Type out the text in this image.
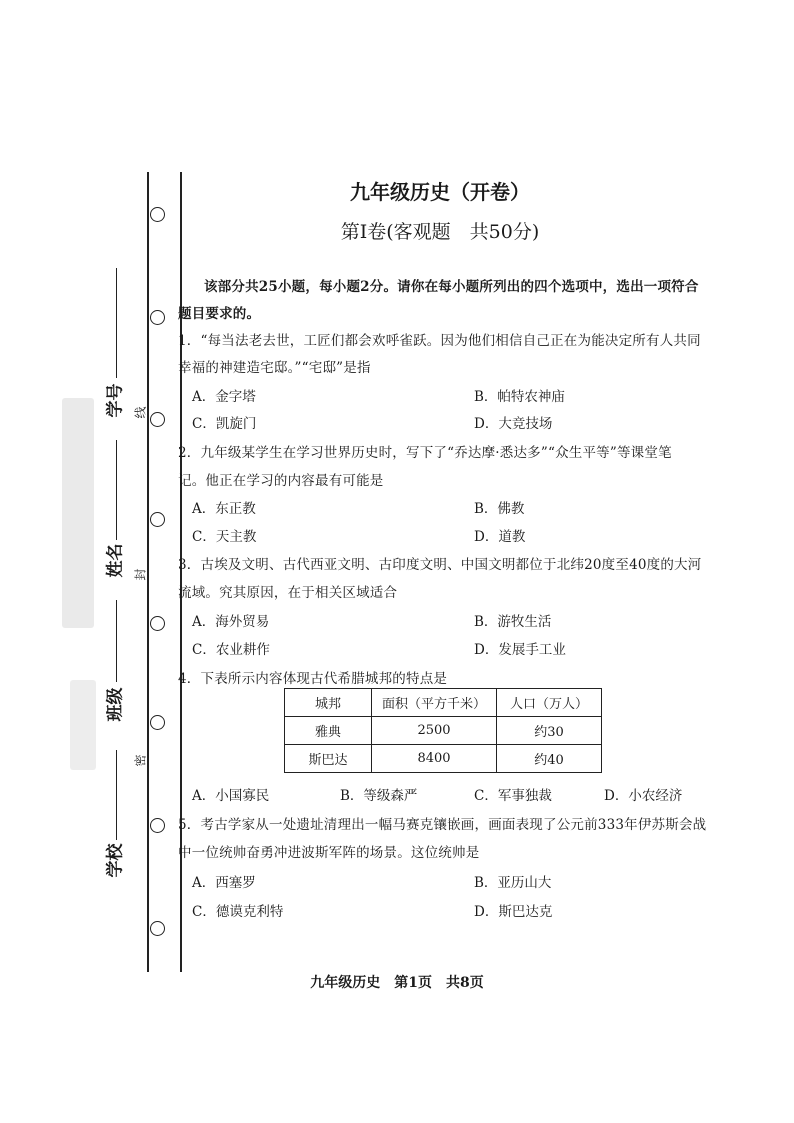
学号
姓名
班级
学校
线
封
密
九年级历史（开卷）
第Ⅰ卷(客观题　共50分)
该部分共25小题，每小题2分。请你在每小题所列出的四个选项中，选出一项符合
题目要求的。
1．“每当法老去世，工匠们都会欢呼雀跃。因为他们相信自己正在为能决定所有人共同
幸福的神建造宅邸。”“宅邸”是指
A．金字塔	B．帕特农神庙
C．凯旋门	D．大竞技场
2．九年级某学生在学习世界历史时，写下了“乔达摩·悉达多”“众生平等”等课堂笔
记。他正在学习的内容最有可能是
A．东正教	B．佛教
C．天主教	D．道教
3．古埃及文明、古代西亚文明、古印度文明、中国文明都位于北纬20度至40度的大河
流域。究其原因，在于相关区域适合
A．海外贸易	B．游牧生活
C．农业耕作	D．发展手工业
4．下表所示内容体现古代希腊城邦的特点是
城邦	面积（平方千米）	人口（万人）
雅典	2500	约30
斯巴达	8400	约40
A．小国寡民	B．等级森严	C．军事独裁	D．小农经济
5．考古学家从一处遗址清理出一幅马赛克镶嵌画，画面表现了公元前333年伊苏斯会战
中一位统帅奋勇冲进波斯军阵的场景。这位统帅是
A．西塞罗	B．亚历山大
C．德谟克利特	D．斯巴达克
九年级历史　第1页　共8页
